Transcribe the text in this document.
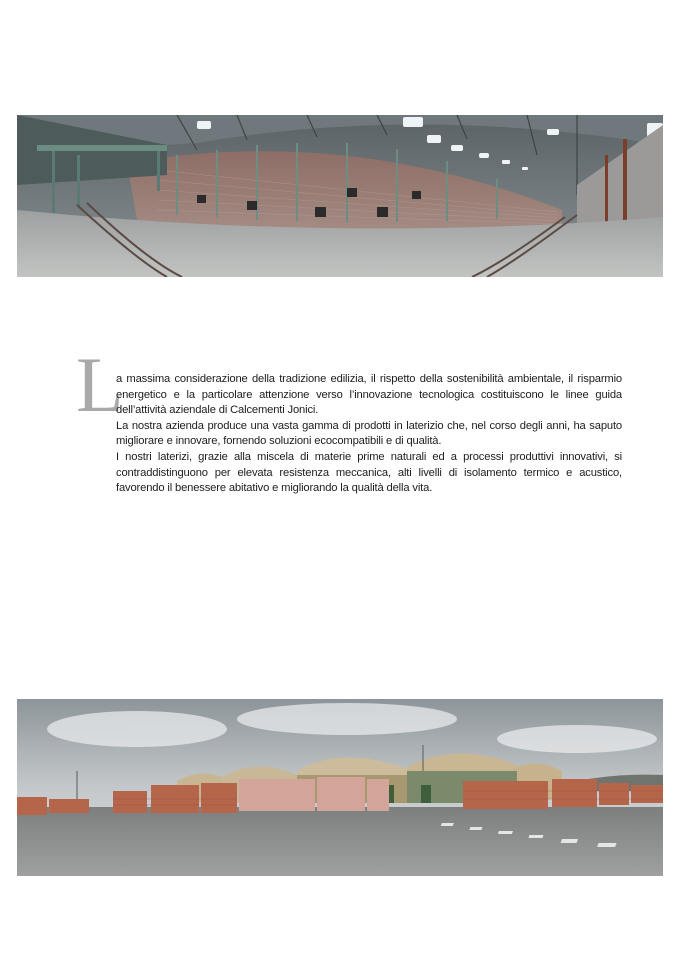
L

a massima considerazione della tradizione edilizia, il rispetto della sostenibilità ambientale, il risparmio energetico e la particolare attenzione verso l’innovazione tecnologica costituiscono le linee guida dell’attività aziendale di Calcementi Jonici.

La nostra azienda produce una vasta gamma di prodotti in laterizio che, nel corso degli anni, ha saputo migliorare e innovare, fornendo soluzioni ecocompatibili e di qualità.

I nostri laterizi, grazie alla miscela di materie prime naturali ed a processi produttivi innovativi, si contraddistinguono per elevata resistenza meccanica, alti livelli di isolamento termico e acustico, favorendo il benessere abitativo e migliorando la qualità della vita.
